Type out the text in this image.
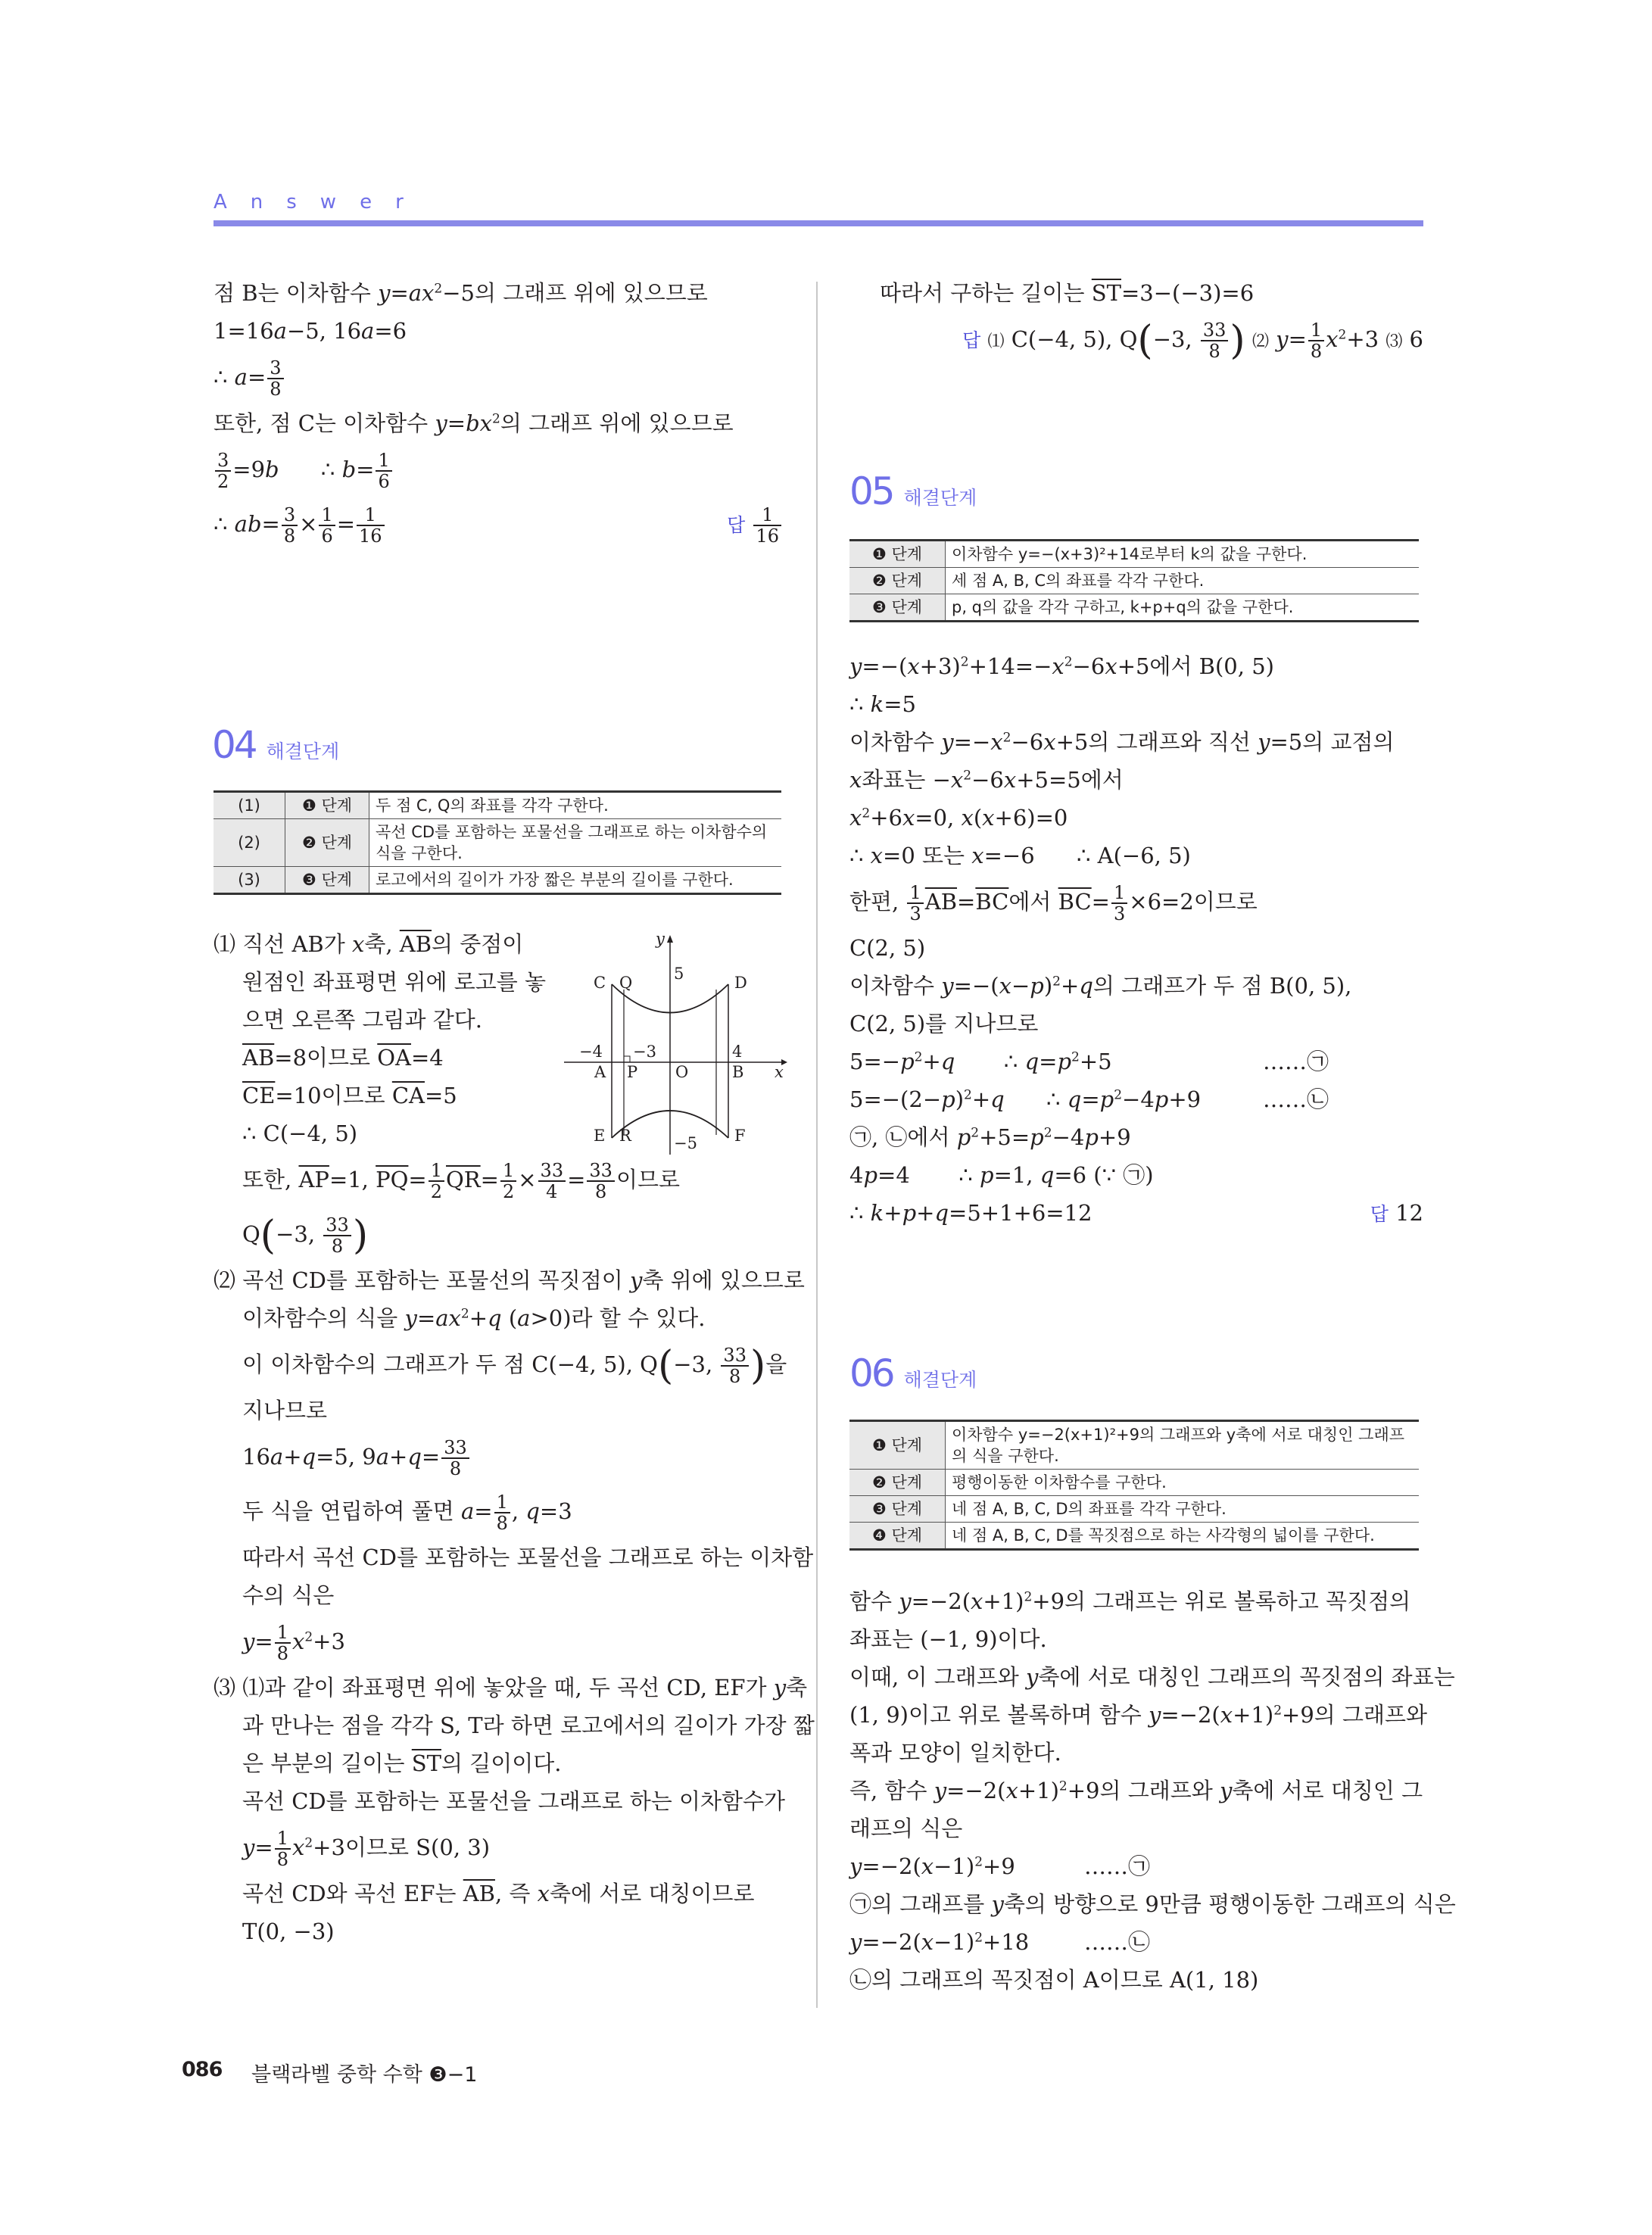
Answer
점 B는 이차함수 $y=ax^2-5$의 그래프 위에 있으므로
1=16a−5, 16a=6
∴ $a= \frac{3}{8}$
또한, 점 C는 이차함수 $y=bx^2$의 그래프 위에 있으므로
$\frac{3}{2} =9b$      ∴ $b= \frac{1}{6}$
∴ $ab= \frac{3}{8} \times \frac{1}{6} = \frac{1}{16}$	답 $\frac{1}{16}$
04 해결단계
(1)	❶ 단계	두 점 C, Q의 좌표를 각각 구한다.
(2)	❷ 단계	곡선 CD를 포함하는 포물선을 그래프로 하는 이차함수의 식을 구한다.
(3)	❸ 단계	로고에서의 길이가 가장 짧은 부분의 길이를 구한다.
⑴ 직선 AB가 x축, $\overline{AB}$의 중점이
원점인 좌표평면 위에 로고를 놓
으면 오른쪽 그림과 같다.
$\overline{AB}=8$이므로 $\overline{OA}=4$
$\overline{CE}=10$이므로 $\overline{CA}=5$
∴ C(−4, 5)
또한, $\overline{AP}=1$, $\overline{PQ}= \frac{1}{2} \overline{QR}= \frac{1}{2} \times \frac{33}{4} = \frac{33}{8}$ 이므로
Q(−3, $\frac{33}{8}$ )
⑵ 곡선 CD를 포함하는 포물선의 꼭짓점이 y축 위에 있으므로
이차함수의 식을 $y=ax^2+q$ (a>0)라 할 수 있다.
이 이차함수의 그래프가 두 점 C(−4, 5), Q(−3, $\frac{33}{8}$ )을
지나므로
16a+q=5, $9a+q= \frac{33}{8}$
두 식을 연립하여 풀면 $a= \frac{1}{8}$ , q=3
따라서 곡선 CD를 포함하는 포물선을 그래프로 하는 이차함
수의 식은
$y= \frac{1}{8} x^2+3$
⑶ ⑴과 같이 좌표평면 위에 놓았을 때, 두 곡선 CD, EF가 y축
과 만나는 점을 각각 S, T라 하면 로고에서의 길이가 가장 짧
은 부분의 길이는 $\overline{ST}$의 길이이다.
곡선 CD를 포함하는 포물선을 그래프로 하는 이차함수가
$y= \frac{1}{8} x^2+3$이므로 S(0, 3)
곡선 CD와 곡선 EF는 $\overline{AB}$, 즉 x축에 서로 대칭이므로
T(0, −3)
y
x
C Q	5	D
−4 −3	4
A P O	B
E R	−5 F
따라서 구하는 길이는 $\overline{ST}=3-(-3)=6$
답 ⑴ C(−4, 5), Q(−3, $\frac{33}{8}$ ) ⑵ $y= \frac{1}{8} x^2+3$ ⑶ 6
05 해결단계
❶ 단계	이차함수 y=−(x+3)²+14로부터 k의 값을 구한다.
❷ 단계	세 점 A, B, C의 좌표를 각각 구한다.
❸ 단계	p, q의 값을 각각 구하고, k+p+q의 값을 구한다.
$y=-(x+3)^2+14=-x^2-6x+5$에서 B(0, 5)
∴ k=5
이차함수 $y=-x^2-6x+5$의 그래프와 직선 y=5의 교점의
x좌표는 $-x^2-6x+5=5$에서
$x^2+6x=0$, x(x+6)=0
∴ x=0 또는 x=−6      ∴ A(−6, 5)
한편, $\frac{1}{3} \overline{AB}=\overline{BC}$에서 $\overline{BC}= \frac{1}{3} \times 6=2$이므로
C(2, 5)
이차함수 $y=-(x-p)^2+q$의 그래프가 두 점 B(0, 5),
C(2, 5)를 지나므로
$5=-p^2+q$       ∴ $q=p^2+5$	……㉠
$5=-(2-p)^2+q$      ∴ $q=p^2-4p+9$	……㉡
㉠, ㉡에서 $p^2+5=p^2-4p+9$
4p=4       ∴ p=1, q=6 (∵ ㉠)
∴ k+p+q=5+1+6=12	답 12
06 해결단계
❶ 단계	이차함수 y=−2(x+1)²+9의 그래프와 y축에 서로 대칭인 그래프의 식을 구한다.
❷ 단계	평행이동한 이차함수를 구한다.
❸ 단계	네 점 A, B, C, D의 좌표를 각각 구한다.
❹ 단계	네 점 A, B, C, D를 꼭짓점으로 하는 사각형의 넓이를 구한다.
함수 $y=-2(x+1)^2+9$의 그래프는 위로 볼록하고 꼭짓점의
좌표는 (−1, 9)이다.
이때, 이 그래프와 y축에 서로 대칭인 그래프의 꼭짓점의 좌표는
(1, 9)이고 위로 볼록하며 함수 $y=-2(x+1)^2+9$의 그래프와
폭과 모양이 일치한다.
즉, 함수 $y=-2(x+1)^2+9$의 그래프와 y축에 서로 대칭인 그
래프의 식은
$y=-2(x-1)^2+9$	……㉠
㉠의 그래프를 y축의 방향으로 9만큼 평행이동한 그래프의 식은
$y=-2(x-1)^2+18$	……㉡
㉡의 그래프의 꼭짓점이 A이므로 A(1, 18)
086 블랙라벨 중학 수학 ❸−1
